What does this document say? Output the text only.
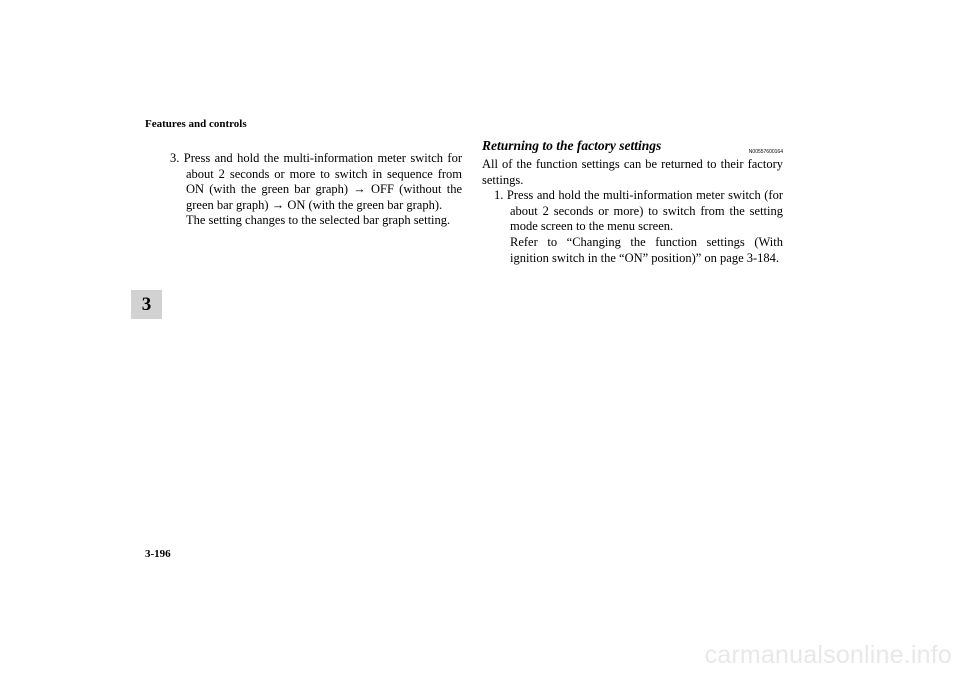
Features and controls
3

3. Press and hold the multi-information meter switch for about 2 seconds or more to switch in sequence from ON (with the green bar graph) → OFF (without the green bar graph) → ON (with the green bar graph).

The setting changes to the selected bar graph setting.

Returning to the factory settings	N00557600164

All of the function settings can be returned to their factory settings.

1. Press and hold the multi-information meter switch (for about 2 seconds or more) to switch from the setting mode screen to the menu screen.

Refer to “Changing the function settings (With ignition switch in the “ON” position)” on page 3-184.

3-196
carmanualsonline.info
